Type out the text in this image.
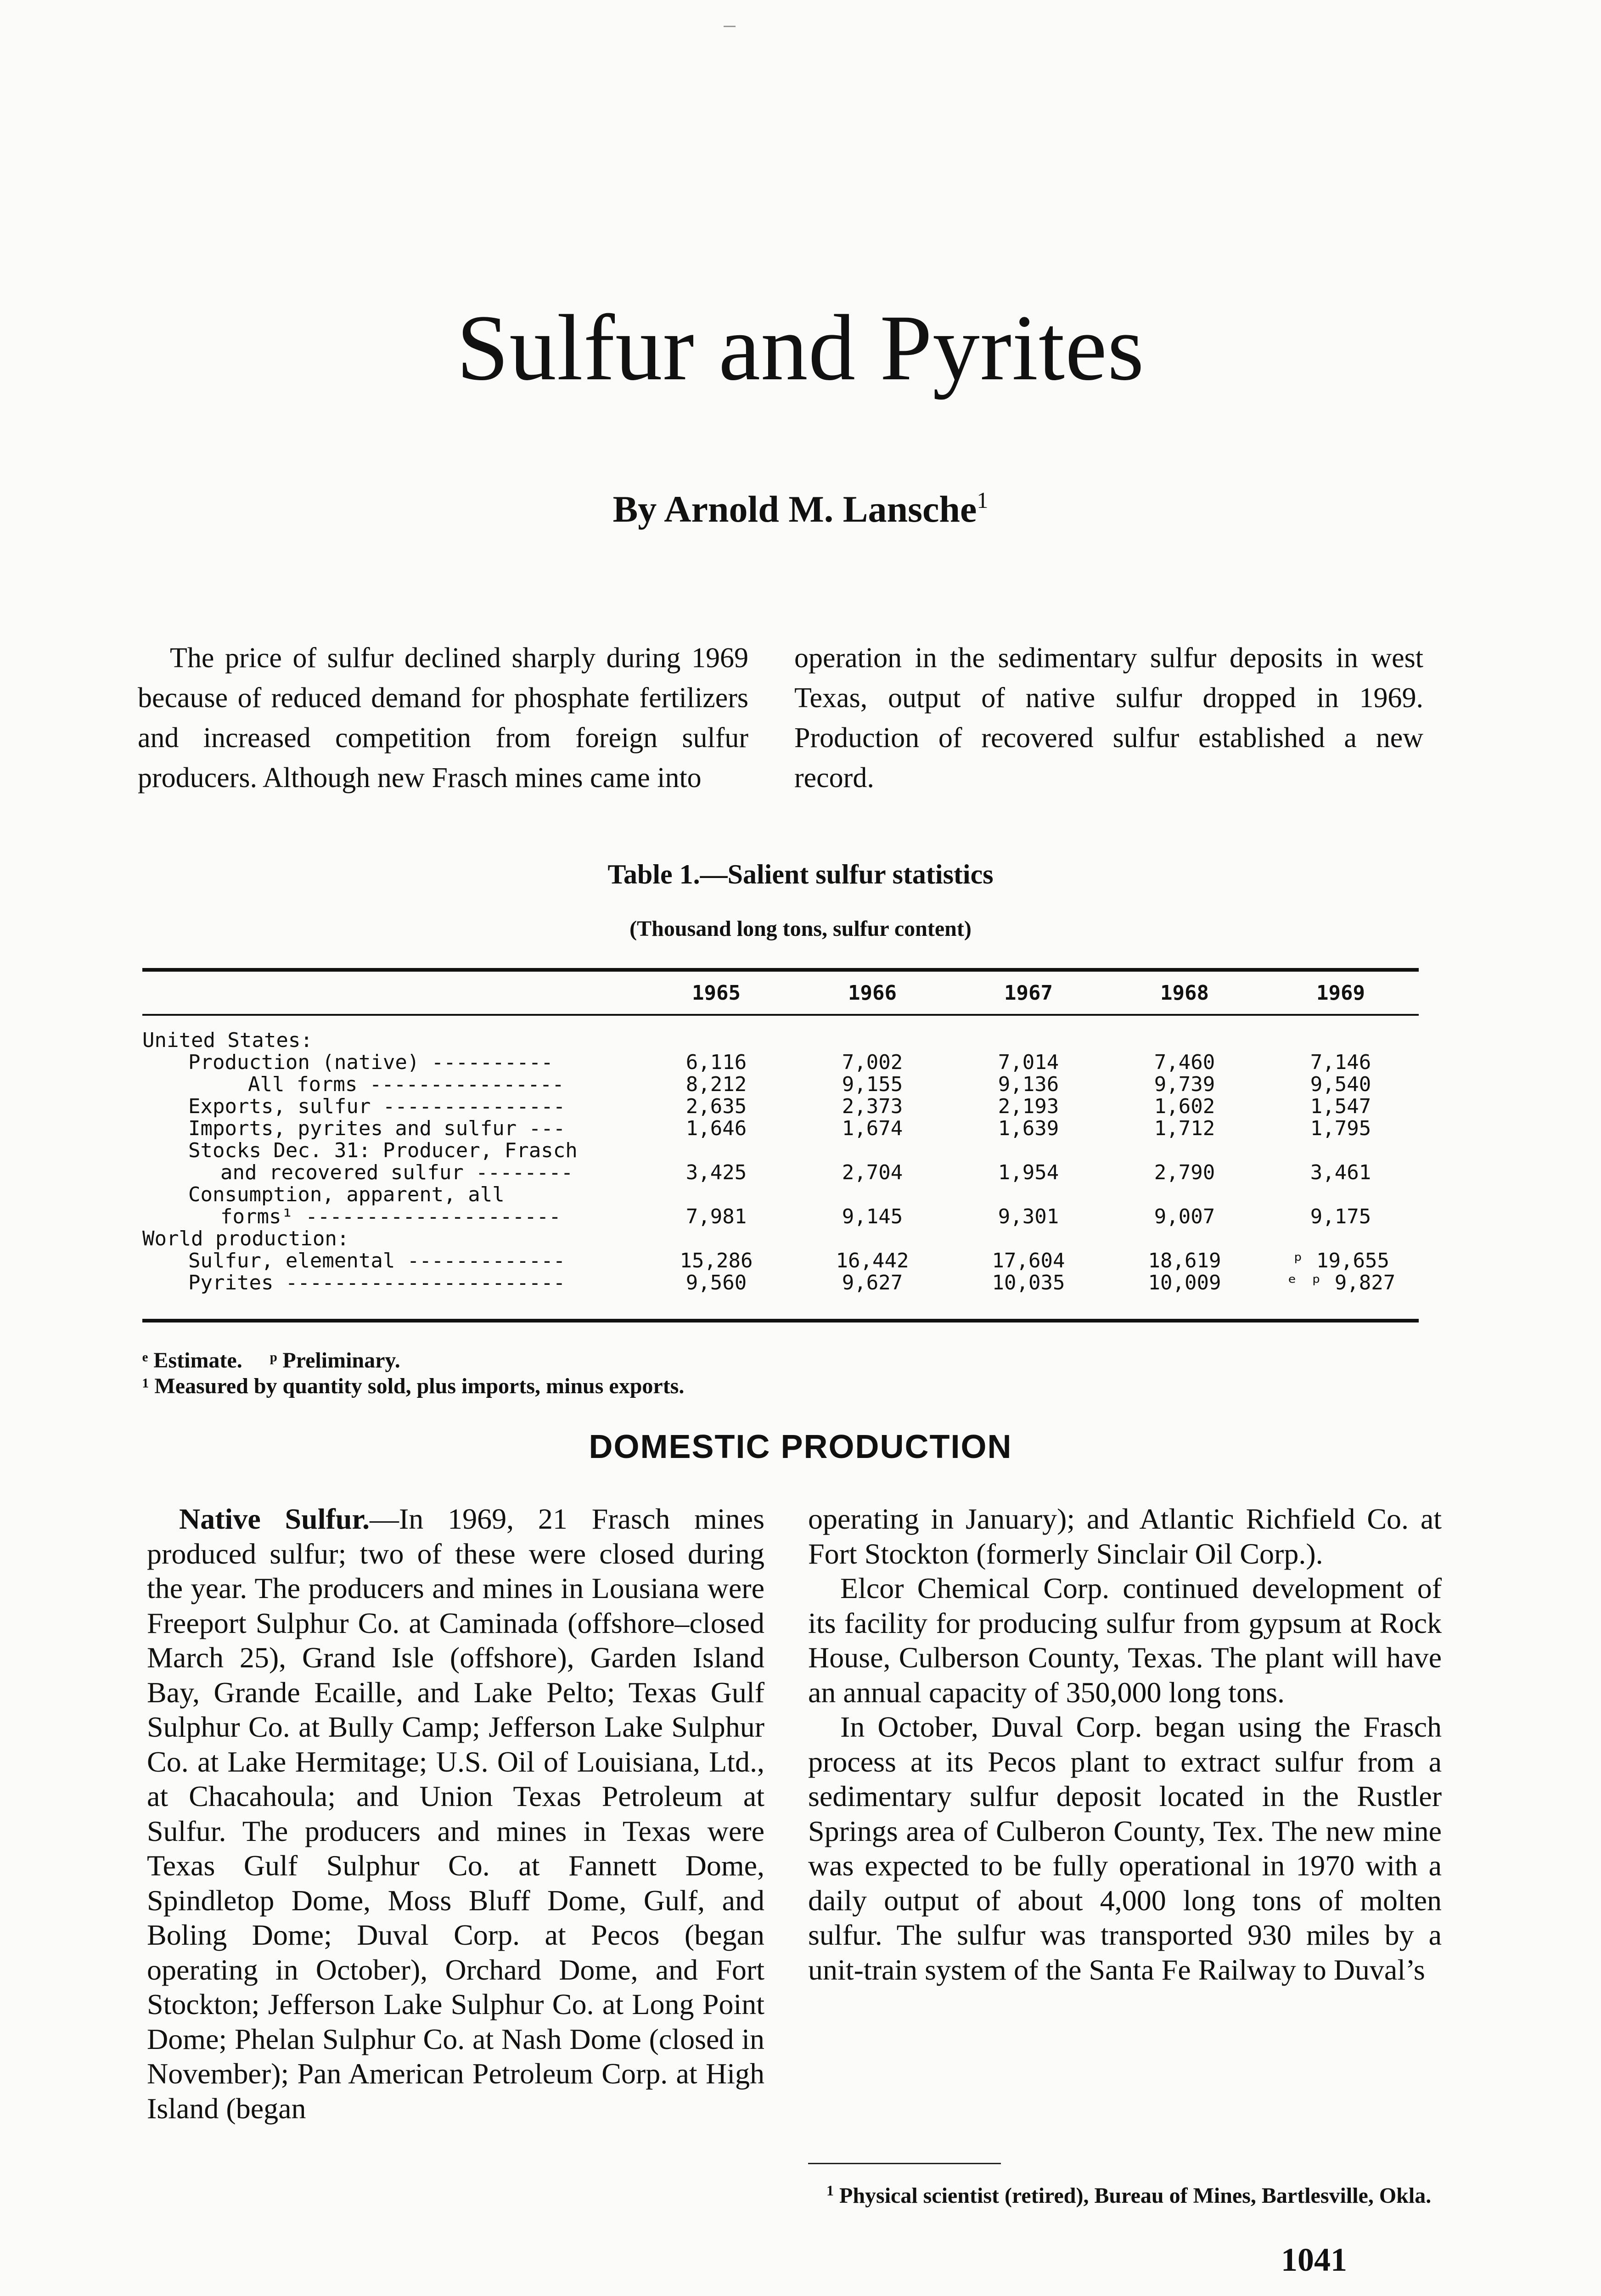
Sulfur and Pyrites
By Arnold M. Lansche$^1$
The price of sulfur declined sharply during 1969 because of reduced demand for phosphate fertilizers and increased competition from foreign sulfur producers. Although new Frasch mines came into
operation in the sedimentary sulfur deposits in west Texas, output of native sulfur dropped in 1969. Production of recovered sulfur established a new record.
Table 1.—Salient sulfur statistics
(Thousand long tons, sulfur content)
1965	1966	1967	1968	1969
United States:
Production (native) ----------	6,116	7,002	7,014	7,460	7,146
All forms ----------------	8,212	9,155	9,136	9,739	9,540
Exports, sulfur ---------------	2,635	2,373	2,193	1,602	1,547
Imports, pyrites and sulfur ---	1,646	1,674	1,639	1,712	1,795
Stocks Dec. 31: Producer, Frasch
and recovered sulfur --------	3,425	2,704	1,954	2,790	3,461
Consumption, apparent, all
forms¹ ---------------------	7,981	9,145	9,301	9,007	9,175
World production:
Sulfur, elemental -------------	15,286	16,442	17,604	18,619	ᵖ 19,655
Pyrites -----------------------	9,560	9,627	10,035	10,009	ᵉ ᵖ 9,827
ᵉ Estimate.     ᵖ Preliminary.
¹ Measured by quantity sold, plus imports, minus exports.
DOMESTIC PRODUCTION

Native Sulfur.—In 1969, 21 Frasch mines produced sulfur; two of these were closed during the year. The producers and mines in Lousiana were Freeport Sulphur Co. at Caminada (offshore–closed March 25), Grand Isle (offshore), Garden Island Bay, Grande Ecaille, and Lake Pelto; Texas Gulf Sulphur Co. at Bully Camp; Jefferson Lake Sulphur Co. at Lake Hermitage; U.S. Oil of Louisiana, Ltd., at Chacahoula; and Union Texas Petroleum at Sulfur. The producers and mines in Texas were Texas Gulf Sulphur Co. at Fannett Dome, Spindletop Dome, Moss Bluff Dome, Gulf, and Boling Dome; Duval Corp. at Pecos (began operating in October), Orchard Dome, and Fort Stockton; Jefferson Lake Sulphur Co. at Long Point Dome; Phelan Sulphur Co. at Nash Dome (closed in November); Pan American Petroleum Corp. at High Island (began

operating in January); and Atlantic Richfield Co. at Fort Stockton (formerly Sinclair Oil Corp.).

Elcor Chemical Corp. continued development of its facility for producing sulfur from gypsum at Rock House, Culberson County, Texas. The plant will have an annual capacity of 350,000 long tons.

In October, Duval Corp. began using the Frasch process at its Pecos plant to extract sulfur from a sedimentary sulfur deposit located in the Rustler Springs area of Culberon County, Tex. The new mine was expected to be fully operational in 1970 with a daily output of about 4,000 long tons of molten sulfur. The sulfur was transported 930 miles by a unit-train system of the Santa Fe Railway to Duval’s

$^1$ Physical scientist (retired), Bureau of Mines, Bartlesville, Okla.
1041
